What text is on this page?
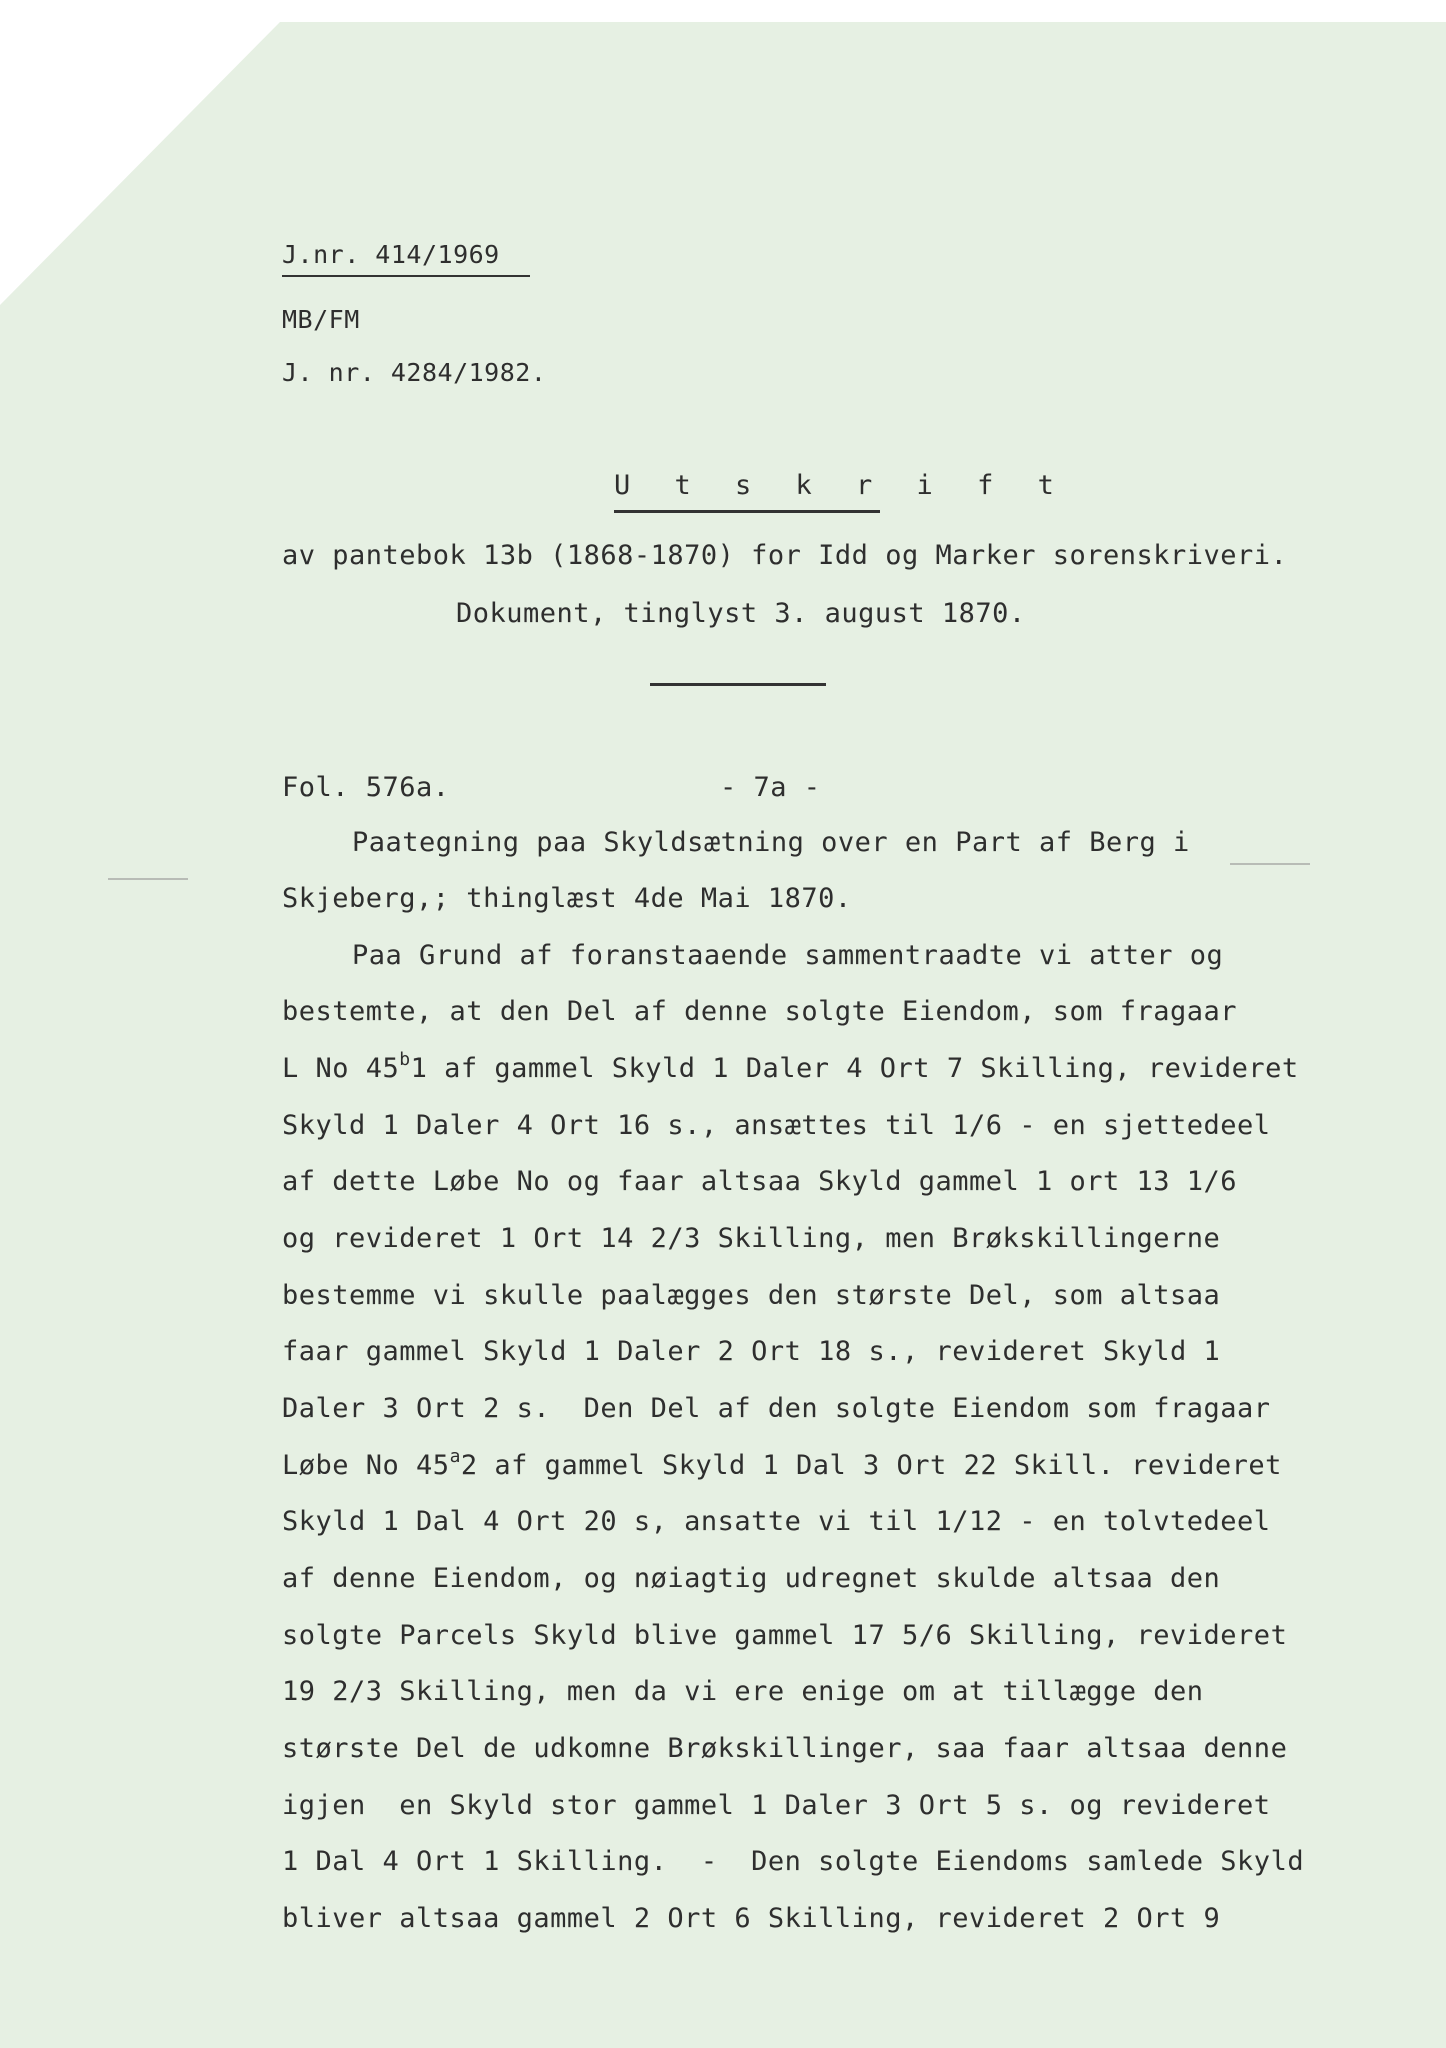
J.nr. 414/1969
MB/FM
J. nr. 4284/1982.
U t s k r i f t
av pantebok 13b (1868-1870) for Idd og Marker sorenskriveri.
Dokument, tinglyst 3. august 1870.
Fol. 576a.	- 7a -
Paategning paa Skyldsætning over en Part af Berg i
Skjeberg,; thinglæst 4de Mai 1870.
Paa Grund af foranstaaende sammentraadte vi atter og
bestemte, at den Del af denne solgte Eiendom, som fragaar
L No 45$^b$1 af gammel Skyld 1 Daler 4 Ort 7 Skilling, revideret
Skyld 1 Daler 4 Ort 16 s., ansættes til 1/6 - en sjettedeel
af dette Løbe No og faar altsaa Skyld gammel 1 ort 13 1/6
og revideret 1 Ort 14 2/3 Skilling, men Brøkskillingerne
bestemme vi skulle paalægges den største Del, som altsaa
faar gammel Skyld 1 Daler 2 Ort 18 s., revideret Skyld 1
Daler 3 Ort 2 s.  Den Del af den solgte Eiendom som fragaar
Løbe No 45$^a$2 af gammel Skyld 1 Dal 3 Ort 22 Skill. revideret
Skyld 1 Dal 4 Ort 20 s, ansatte vi til 1/12 - en tolvtedeel
af denne Eiendom, og nøiagtig udregnet skulde altsaa den
solgte Parcels Skyld blive gammel 17 5/6 Skilling, revideret
19 2/3 Skilling, men da vi ere enige om at tillægge den
største Del de udkomne Brøkskillinger, saa faar altsaa denne
igjen  en Skyld stor gammel 1 Daler 3 Ort 5 s. og revideret
1 Dal 4 Ort 1 Skilling.  -  Den solgte Eiendoms samlede Skyld
bliver altsaa gammel 2 Ort 6 Skilling, revideret 2 Ort 9
